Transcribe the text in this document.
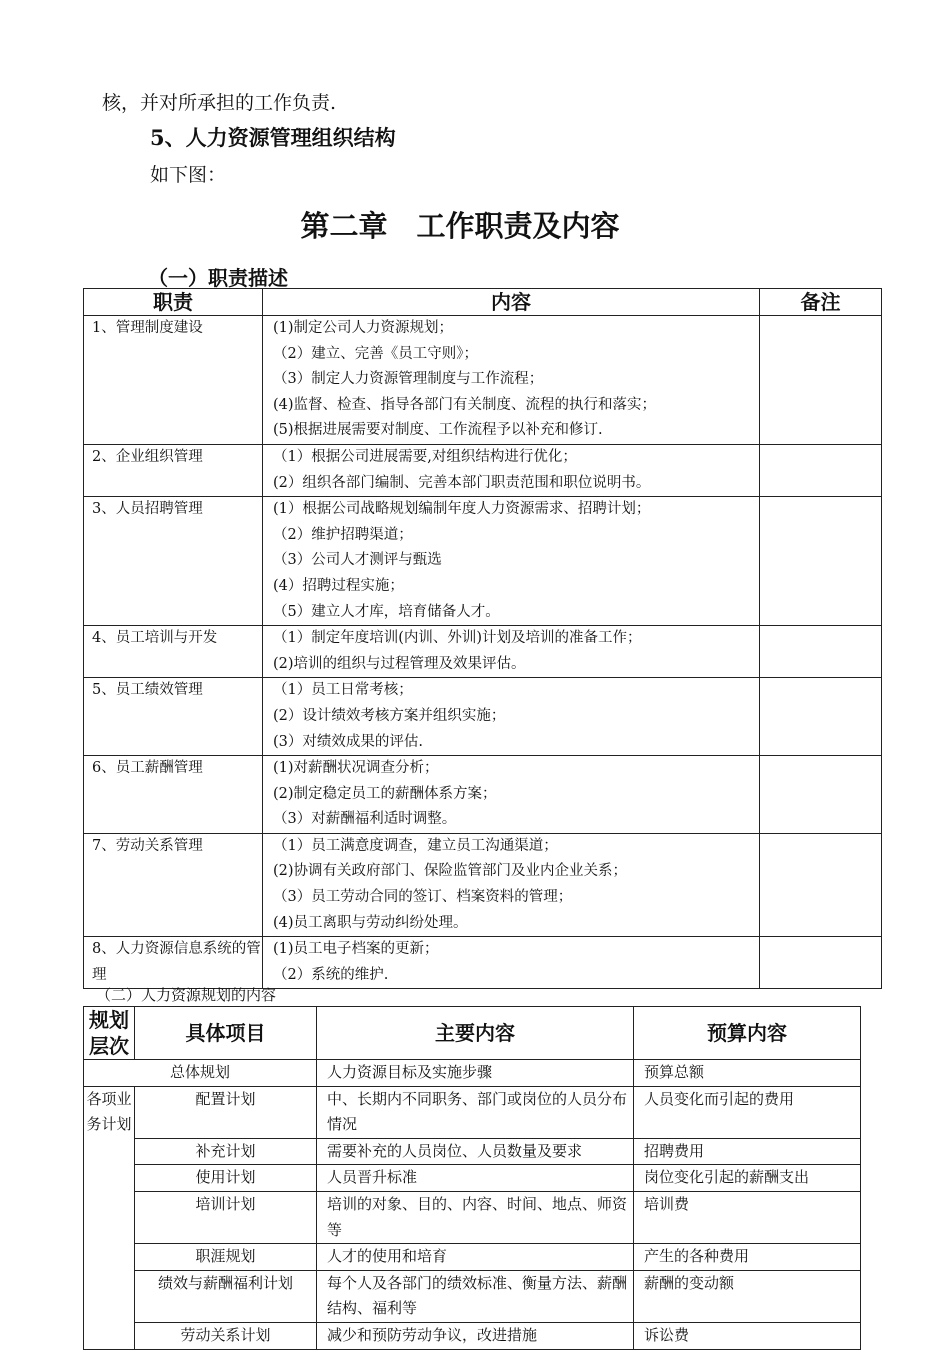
核，并对所承担的工作负责.
5、人力资源管理组织结构
如下图：
第二章　工作职责及内容
（一）职责描述
职责	内容	备注
1、管理制度建设	(1)制定公司人力资源规划；
（2）建立、完善《员工守则》；
（3）制定人力资源管理制度与工作流程；
(4)监督、检查、指导各部门有关制度、流程的执行和落实；
(5)根据进展需要对制度、工作流程予以补充和修订.	

2、企业组织管理	（1）根据公司进展需要,对组织结构进行优化；
(2）组织各部门编制、完善本部门职责范围和职位说明书。	

3、人员招聘管理	(1）根据公司战略规划编制年度人力资源需求、招聘计划；
（2）维护招聘渠道；
（3）公司人才测评与甄选
(4）招聘过程实施；
（5）建立人才库，培育储备人才。	

4、员工培训与开发	（1）制定年度培训(内训、外训)计划及培训的准备工作；
(2)培训的组织与过程管理及效果评估。	

5、员工绩效管理	（1）员工日常考核；
(2）设计绩效考核方案并组织实施；
(3）对绩效成果的评估.	

6、员工薪酬管理	(1)对薪酬状况调查分析；
(2)制定稳定员工的薪酬体系方案；
（3）对薪酬福利适时调整。	

7、劳动关系管理	（1）员工满意度调查，建立员工沟通渠道；
(2)协调有关政府部门、保险监管部门及业内企业关系；
（3）员工劳动合同的签订、档案资料的管理；
(4)员工离职与劳动纠纷处理。	

8、人力资源信息系统的管理	(1)员工电子档案的更新；
（2）系统的维护.	

（二）人力资源规划的内容
规划层次	具体项目	主要内容	预算内容
总体规划		人力资源目标及实施步骤	预算总额
各项业务计划	配置计划	中、长期内不同职务、部门或岗位的人员分布情况	人员变化而引起的费用
	补充计划	需要补充的人员岗位、人员数量及要求	招聘费用
	使用计划	人员晋升标准	岗位变化引起的薪酬支出
	培训计划	培训的对象、目的、内容、时间、地点、师资等	培训费
	职涯规划	人才的使用和培育	产生的各种费用
	绩效与薪酬福利计划	每个人及各部门的绩效标准、衡量方法、薪酬结构、福利等	薪酬的变动额
	劳动关系计划	减少和预防劳动争议，改进措施	诉讼费
